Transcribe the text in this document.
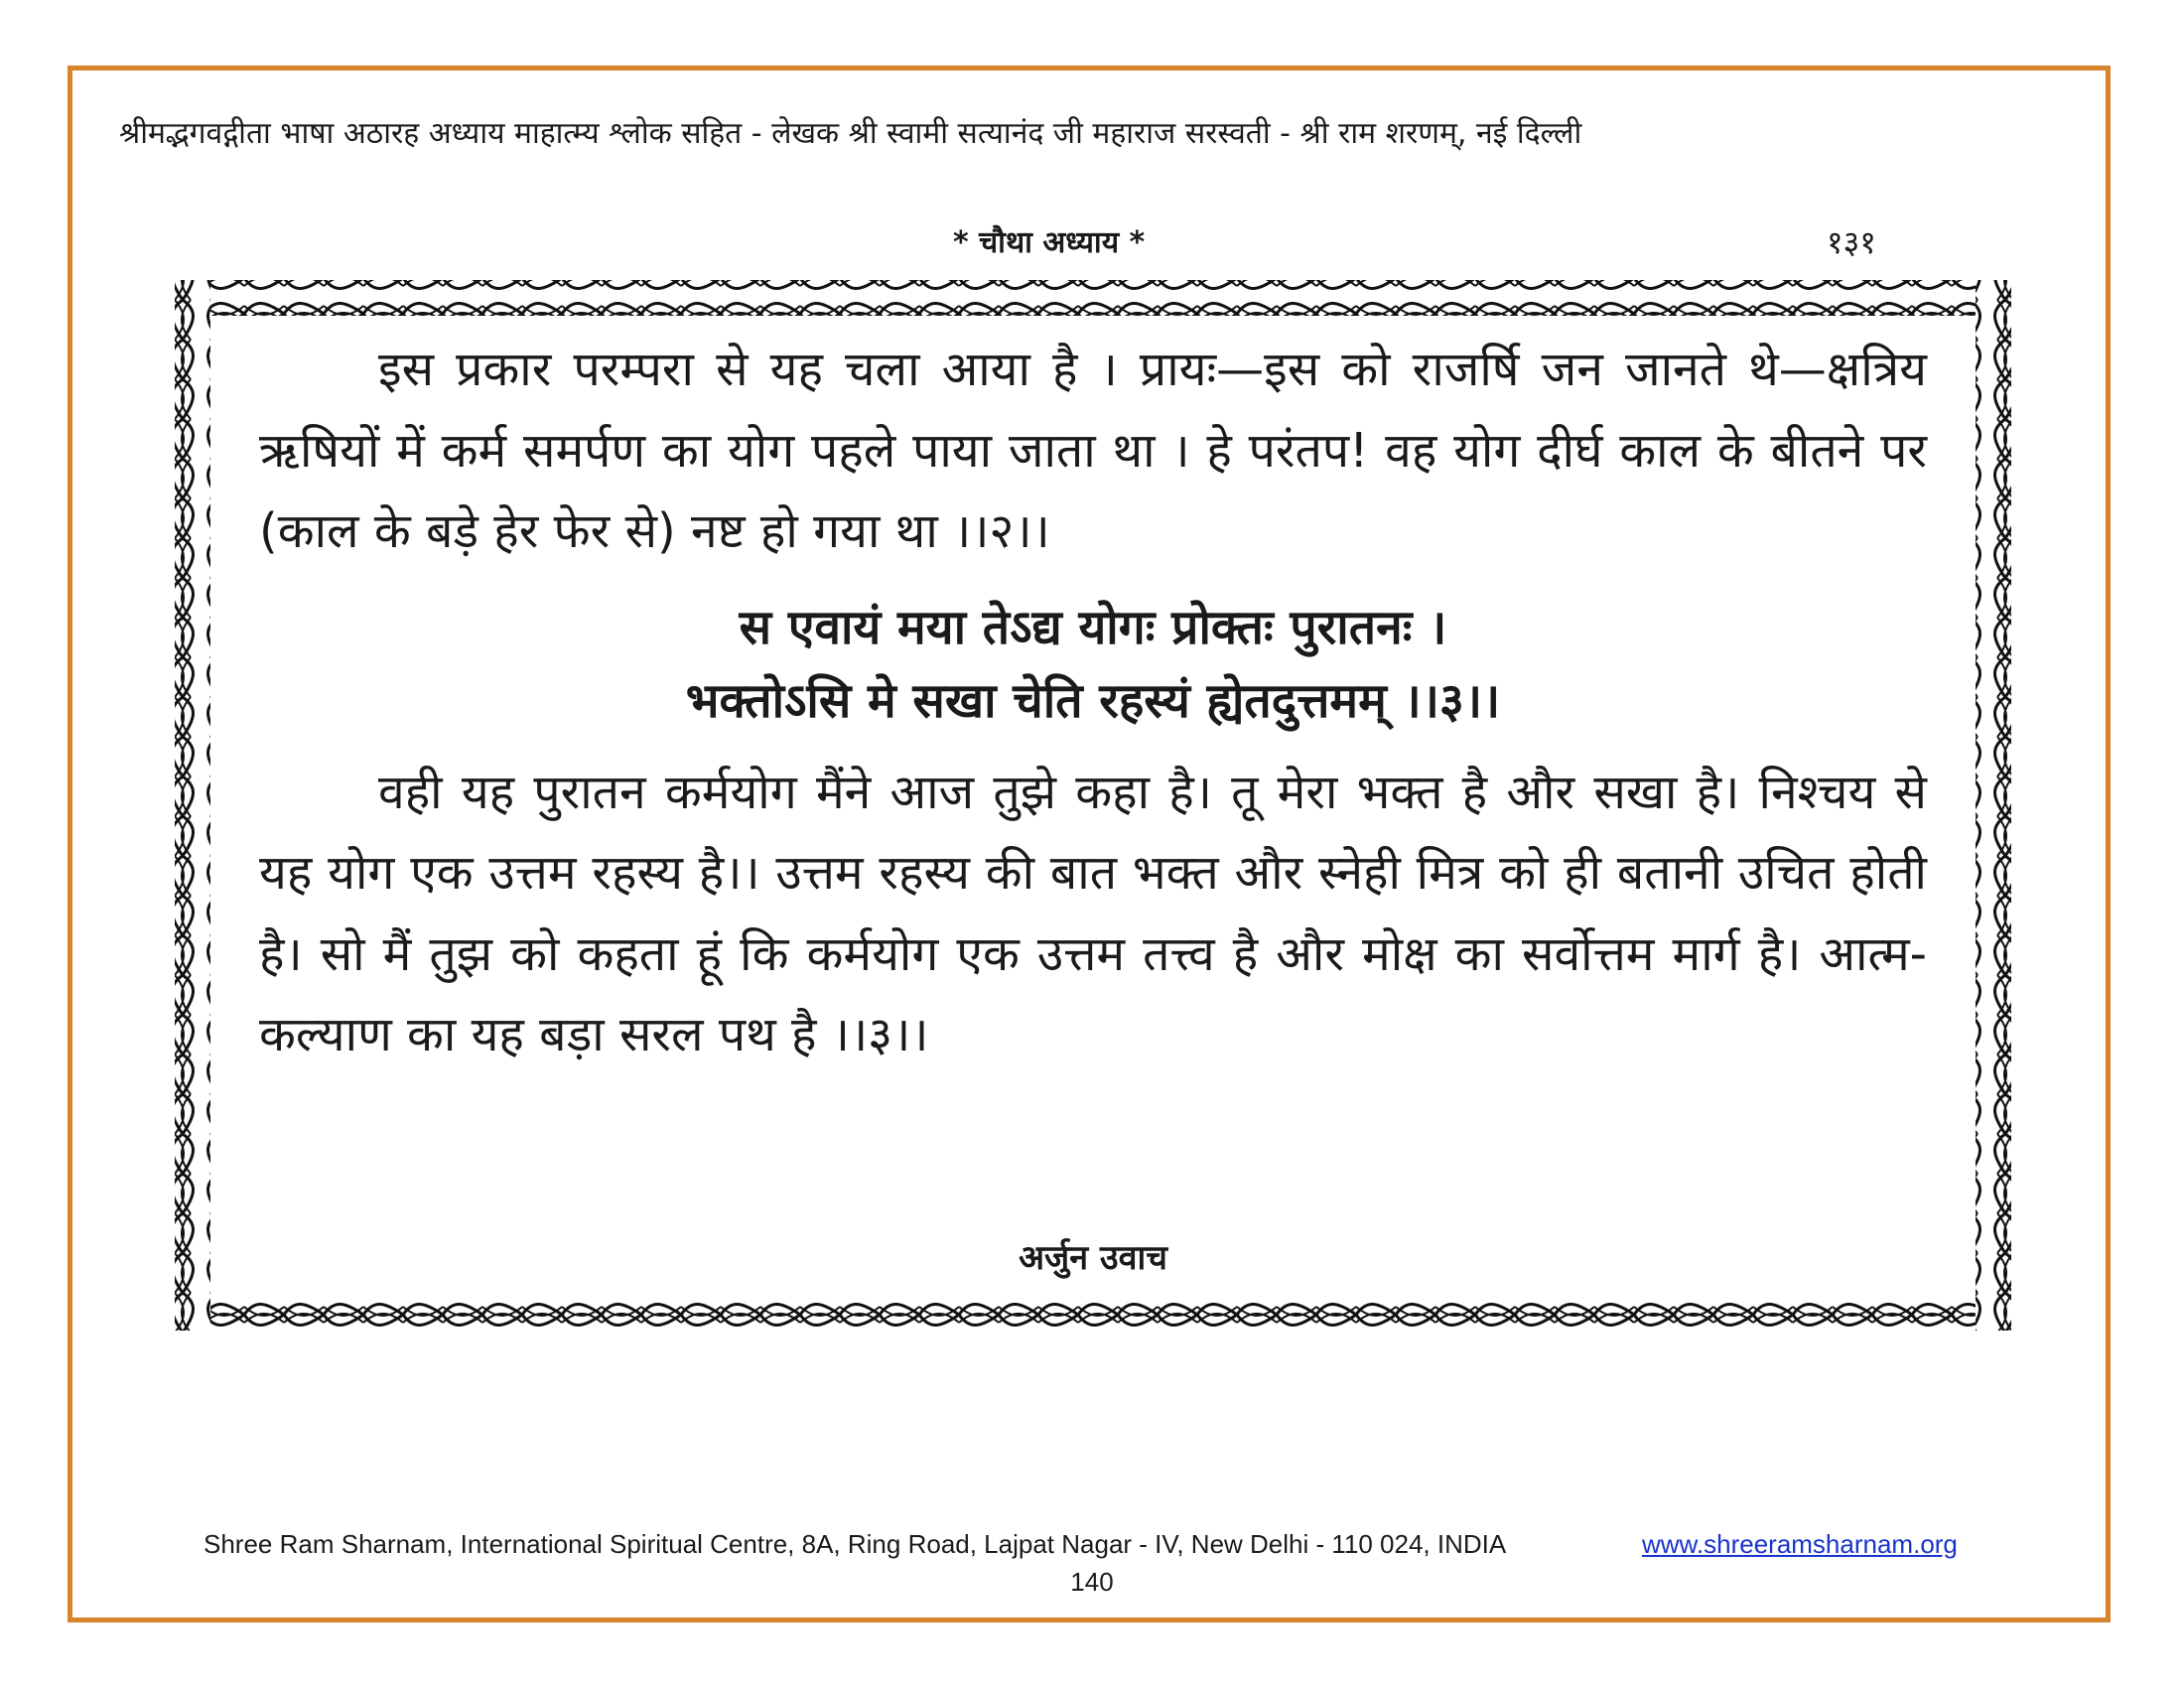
श्रीमद्भगवद्गीता भाषा अठारह अध्याय माहात्म्य श्लोक सहित - लेखक श्री स्वामी सत्यानंद जी महाराज सरस्वती - श्री राम शरणम्, नई दिल्ली
* चौथा अध्याय *	१३१
इस प्रकार परम्परा से यह चला आया है । प्रायः—इस को राजर्षि जन जानते थे—क्षत्रिय ऋषियों में कर्म समर्पण का योग पहले पाया जाता था । हे परंतप! वह योग दीर्घ काल के बीतने पर (काल के बड़े हेर फेर से) नष्ट हो गया था ।।२।।
स एवायं मया तेऽद्य योगः प्रोक्तः पुरातनः ।
भक्तोऽसि मे सखा चेति रहस्यं ह्येतदुत्तमम् ।।३।।
वही यह पुरातन कर्मयोग मैंने आज तुझे कहा है। तू मेरा भक्त है और सखा है। निश्चय से यह योग एक उत्तम रहस्य है।। उत्तम रहस्य की बात भक्त और स्नेही मित्र को ही बतानी उचित होती है। सो मैं तुझ को कहता हूं कि कर्मयोग एक उत्तम तत्त्व है और मोक्ष का सर्वोत्तम मार्ग है। आत्म-कल्याण का यह बड़ा सरल पथ है ।।३।।
अर्जुन उवाच
Shree Ram Sharnam, International Spiritual Centre, 8A, Ring Road, Lajpat Nagar - IV, New Delhi - 110 024, INDIA	www.shreeramsharnam.org
140
